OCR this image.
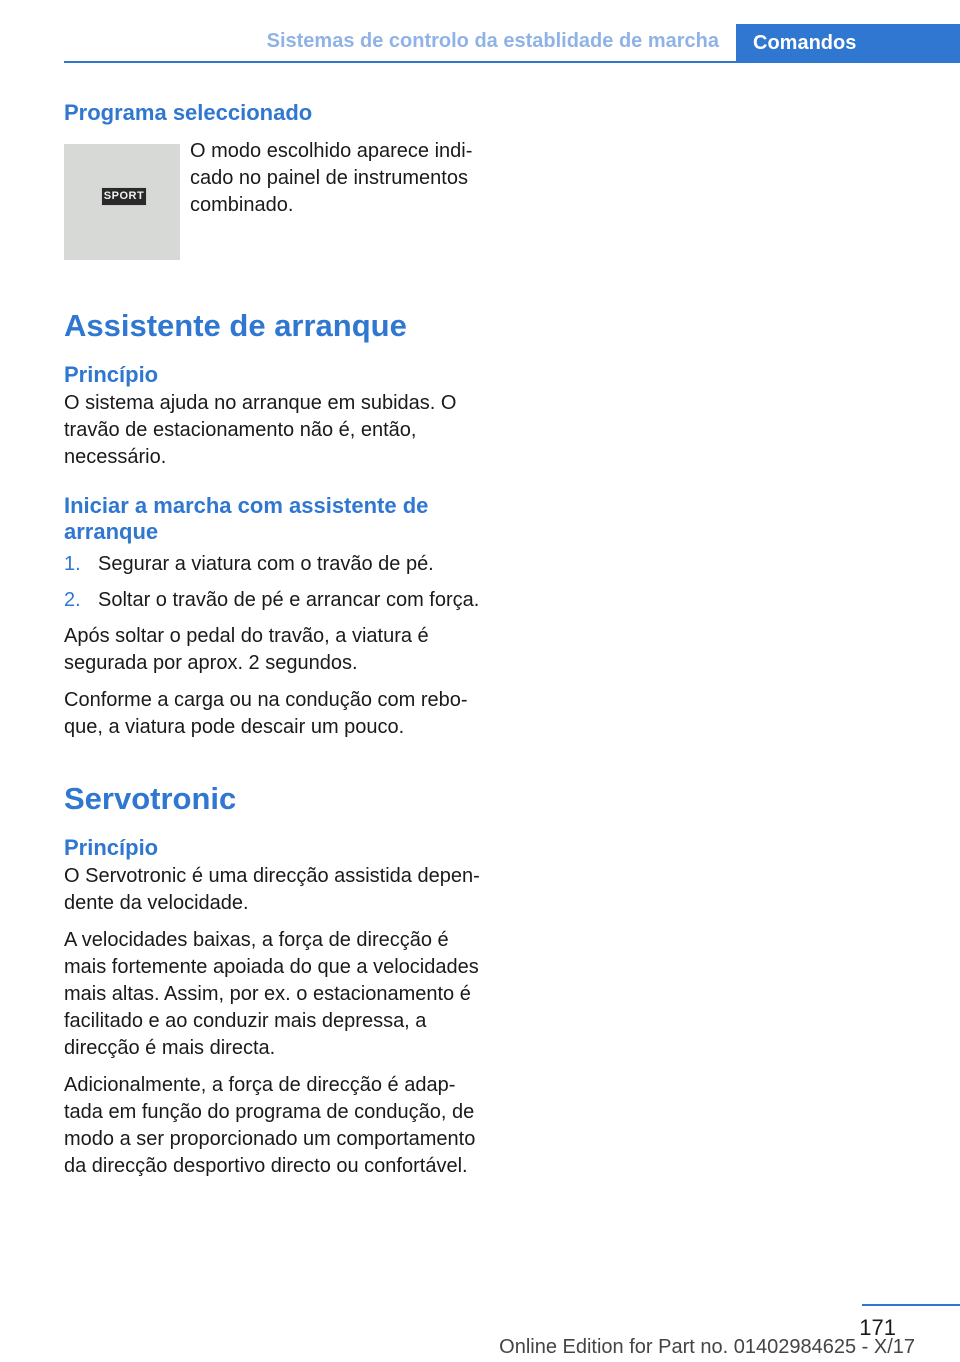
Sistemas de controlo da establidade de marcha	Comandos
Programa seleccionado
SPORT

O modo escolhido aparece indicado no painel de instrumentos combinado.

Assistente de arranque
Princípio

O sistema ajuda no arranque em subidas. O travão de estacionamento não é, então, necessário.

Iniciar a marcha com assistente de arranque
1. Segurar a viatura com o travão de pé.
2. Soltar o travão de pé e arrancar com força.

Após soltar o pedal do travão, a viatura é segurada por aprox. 2 segundos.

Conforme a carga ou na condução com reboque, a viatura pode descair um pouco.

Servotronic
Princípio

O Servotronic é uma direcção assistida dependente da velocidade.

A velocidades baixas, a força de direcção é mais fortemente apoiada do que a velocidades mais altas. Assim, por ex. o estacionamento é facilitado e ao conduzir mais depressa, a direcção é mais directa.

Adicionalmente, a força de direcção é adaptada em função do programa de condução, de modo a ser proporcionado um comportamento da direcção desportivo directo ou confortável.

171
Online Edition for Part no. 01402984625 - X/17
